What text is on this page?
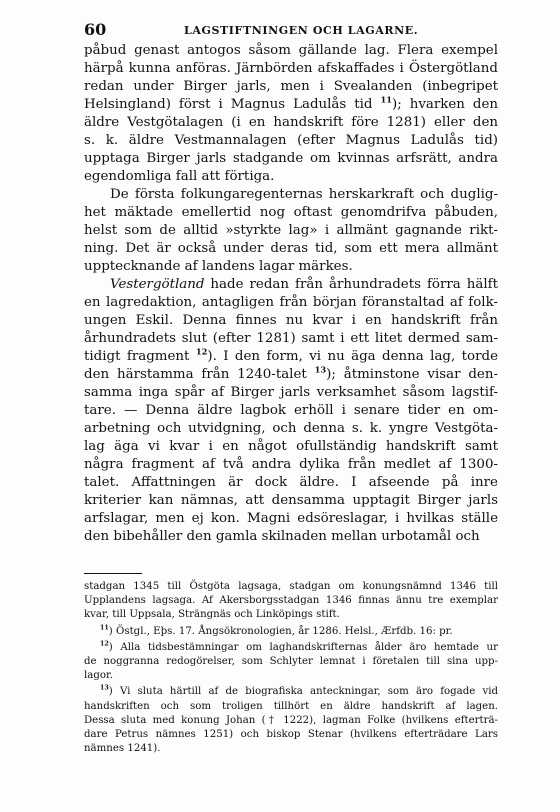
60	LAGSTIFTNINGEN OCH LAGARNE.

påbud genast antogos såsom gällande lag. Flera exempel
härpå kunna anföras. Järnbörden afskaffades i Östergötland
redan under Birger jarls, men i Svealanden (inbegripet
Helsingland) först i Magnus Ladulås tid $^{11}$); hvarken den
äldre Vestgötalagen (i en handskrift före 1281) eller den
s. k. äldre Vestmannalagen (efter Magnus Ladulås tid)
upptaga Birger jarls stadgande om kvinnas arfsrätt, andra
egendomliga fall att förtiga.

De första folkungaregenternas herskarkraft och duglig-
het mäktade emellertid nog oftast genomdrifva påbuden,
helst som de alltid »styrkte lag» i allmänt gagnande rikt-
ning. Det är också under deras tid, som ett mera allmänt
upptecknande af landens lagar märkes.

Vestergötland hade redan från århundradets förra hälft
en lagredaktion, antagligen från början föranstaltad af folk-
ungen Eskil. Denna finnes nu kvar i en handskrift från
århundradets slut (efter 1281) samt i ett litet dermed sam-
tidigt fragment $^{12}$). I den form, vi nu äga denna lag, torde
den härstamma från 1240-talet $^{13}$); åtminstone visar den-
samma inga spår af Birger jarls verksamhet såsom lagstif-
tare. — Denna äldre lagbok erhöll i senare tider en om-
arbetning och utvidgning, och denna s. k. yngre Vestgöta-
lag äga vi kvar i en något ofullständig handskrift samt
några fragment af två andra dylika från medlet af 1300-
talet. Affattningen är dock äldre. I afseende på inre
kriterier kan nämnas, att densamma upptagit Birger jarls
arfslagar, men ej kon. Magni edsöreslagar, i hvilkas ställe
den bibehåller den gamla skilnaden mellan urbotamål och

stadgan 1345 till Östgöta lagsaga, stadgan om konungsnämnd 1346 till
Upplandens lagsaga. Af Akersborgsstadgan 1346 finnas ännu tre exemplar
kvar, till Uppsala, Strängnäs och Linköpings stift.
$^{11}$) Östgl., Eþs. 17. Ångsökronologien, år 1286. Helsl., Ærfdb. 16: pr.
$^{12}$) Alla tidsbestämningar om laghandskrifternas ålder äro hemtade ur
de noggranna redogörelser, som Schlyter lemnat i företalen till sina upp-
lagor.
$^{13}$) Vi sluta härtill af de biografiska anteckningar, som äro fogade vid
handskriften och som troligen tillhört en äldre handskrift af lagen.
Dessa sluta med konung Johan († 1222), lagman Folke (hvilkens efterträ-
dare Petrus nämnes 1251) och biskop Stenar (hvilkens efterträdare Lars
nämnes 1241).
